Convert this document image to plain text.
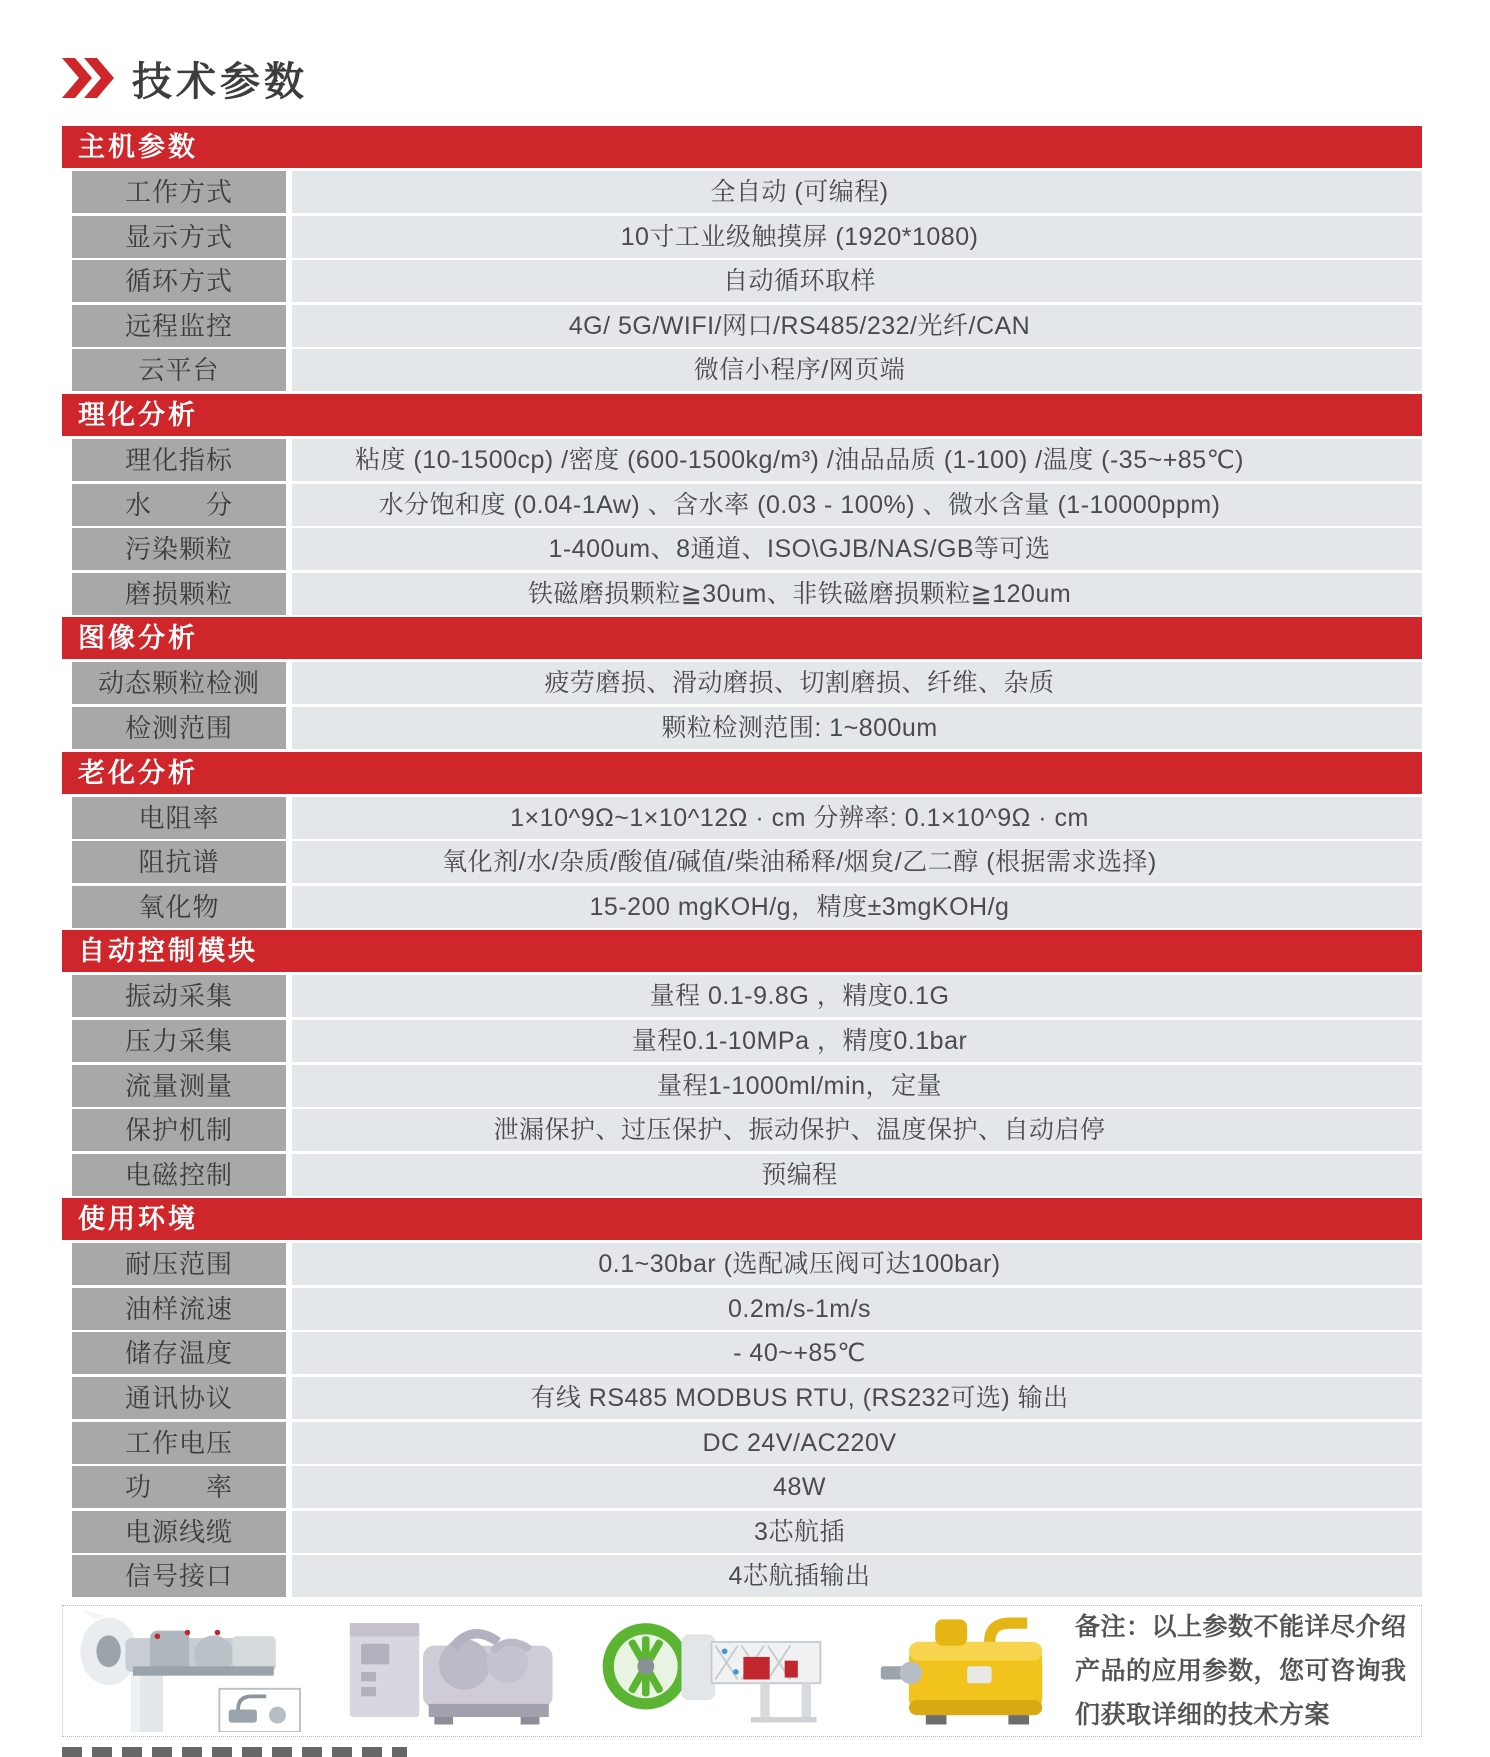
技术参数
主机参数
工作方式	全自动 (可编程)
显示方式	10寸工业级触摸屏 (1920*1080)
循环方式	自动循环取样
远程监控	4G/ 5G/WIFI/网口/RS485/232/光纤/CAN
云平台	微信小程序/网页端
理化分析
理化指标	粘度 (10-1500cp) /密度 (600-1500kg/m³) /油品品质 (1-100) /温度 (-35~+85℃)
水　　分	水分饱和度 (0.04-1Aw) 、含水率 (0.03 - 100%) 、微水含量 (1-10000ppm)
污染颗粒	1-400um、8通道、ISO\GJB/NAS/GB等可选
磨损颗粒	铁磁磨损颗粒≧30um、非铁磁磨损颗粒≧120um
图像分析
动态颗粒检测	疲劳磨损、滑动磨损、切割磨损、纤维、杂质
检测范围	颗粒检测范围: 1~800um
老化分析
电阻率	1×10^9Ω~1×10^12Ω · cm 分辨率: 0.1×10^9Ω · cm
阻抗谱	氧化剂/水/杂质/酸值/碱值/柴油稀释/烟炱/乙二醇 (根据需求选择)
氧化物	15-200 mgKOH/g，精度±3mgKOH/g
自动控制模块
振动采集	量程 0.1-9.8G ，精度0.1G
压力采集	量程0.1-10MPa ，精度0.1bar
流量测量	量程1-1000ml/min，定量
保护机制	泄漏保护、过压保护、振动保护、温度保护、自动启停
电磁控制	预编程
使用环境
耐压范围	0.1~30bar (选配减压阀可达100bar)
油样流速	0.2m/s-1m/s
储存温度	- 40~+85℃
通讯协议	有线 RS485 MODBUS RTU, (RS232可选) 输出
工作电压	DC 24V/AC220V
功　　率	48W
电源线缆	3芯航插
信号接口	4芯航插输出
备注：以上参数不能详尽介绍产品的应用参数，您可咨询我们获取详细的技术方案
